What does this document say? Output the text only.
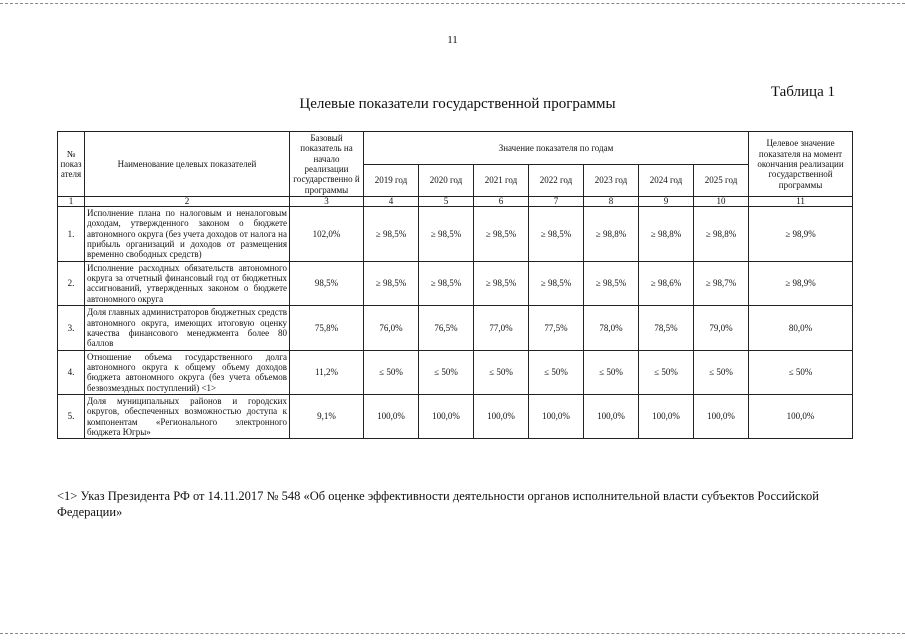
11
Таблица 1
Целевые показатели государственной программы
№ показ ателя	Наименование целевых показателей	Базовый показатель на начало реализации государственно й программы	Значение показателя по годам							Целевое значение показателя на момент окончания реализации государственной программы
			2019 год	2020 год	2021 год	2022 год	2023 год	2024 год	2025 год	
1	2	3	4	5	6	7	8	9	10	11
1.	Исполнение плана по налоговым и неналоговым доходам, утвержденного законом о бюджете автономного округа (без учета доходов от налога на прибыль организаций и доходов от размещения временно свободных средств)	102,0%	≥ 98,5%	≥ 98,5%	≥ 98,5%	≥ 98,5%	≥ 98,8%	≥ 98,8%	≥ 98,8%	≥ 98,9%
2.	Исполнение расходных обязательств автономного округа за отчетный финансовый год от бюджетных ассигнований, утвержденных законом о бюджете автономного округа	98,5%	≥ 98,5%	≥ 98,5%	≥ 98,5%	≥ 98,5%	≥ 98,5%	≥ 98,6%	≥ 98,7%	≥ 98,9%
3.	Доля главных администраторов бюджетных средств автономного округа, имеющих итоговую оценку качества финансового менеджмента более 80 баллов	75,8%	76,0%	76,5%	77,0%	77,5%	78,0%	78,5%	79,0%	80,0%
4.	Отношение объема государственного долга автономного округа к общему объему доходов бюджета автономного округа (без учета объемов безвозмездных поступлений) <1>	11,2%	≤ 50%	≤ 50%	≤ 50%	≤ 50%	≤ 50%	≤ 50%	≤ 50%	≤ 50%
5.	Доля муниципальных районов и городских округов, обеспеченных возможностью доступа к компонентам «Регионального электронного бюджета Югры»	9,1%	100,0%	100,0%	100,0%	100,0%	100,0%	100,0%	100,0%	100,0%
<1> Указ Президента РФ от 14.11.2017 № 548 «Об оценке эффективности деятельности органов исполнительной власти субъектов Российской Федерации»
